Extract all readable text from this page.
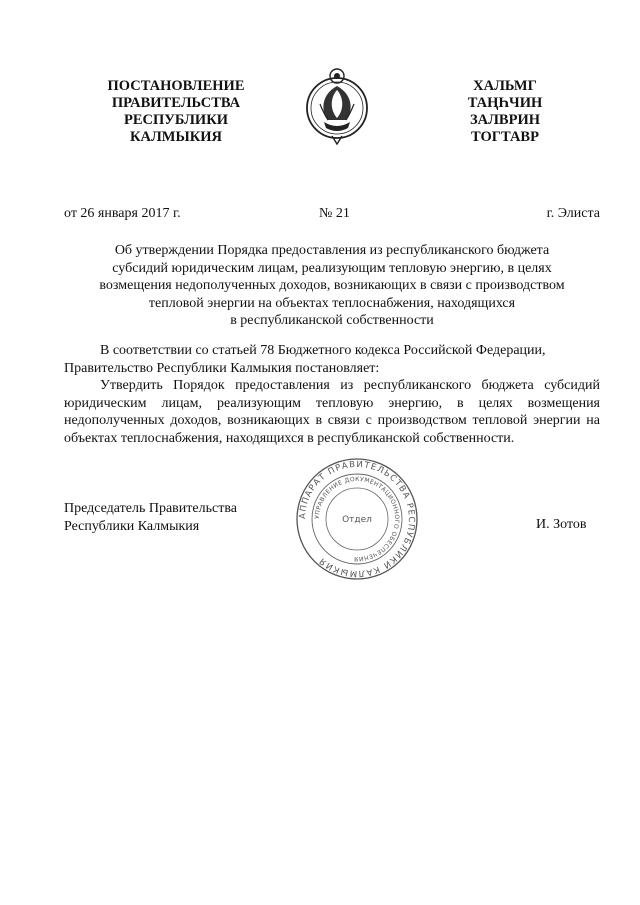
ПОСТАНОВЛЕНИЕ
ПРАВИТЕЛЬСТВА
РЕСПУБЛИКИ
КАЛМЫКИЯ
ХАЛЬМГ
ТАҢҺЧИН
ЗАЛВРИН
ТОГТАВР
от 26 января 2017 г.	№ 21	г. Элиста
Об утверждении Порядка предоставления из республиканского бюджета
субсидий юридическим лицам, реализующим тепловую энергию, в целях
возмещения недополученных доходов, возникающих в связи с производством
тепловой энергии на объектах теплоснабжения, находящихся
в республиканской собственности

В соответствии со статьей 78 Бюджетного кодекса Российской Федерации,

Правительство Республики Калмыкия постановляет:

Утвердить Порядок предоставления из республиканского бюджета субсидий юридическим лицам, реализующим тепловую энергию, в целях возмещения недополученных доходов, возникающих в связи с производством тепловой энергии на объектах теплоснабжения, находящихся в республиканской собственности.

Председатель Правительства
Республики Калмыкия
АППАРАТ ПРАВИТЕЛЬСТВА РЕСПУБЛИКИ КАЛМЫКИЯ
УПРАВЛЕНИЕ ДОКУМЕНТАЦИОННОГО ОБЕСПЕЧЕНИЯ
Отдел	И. Зотов
